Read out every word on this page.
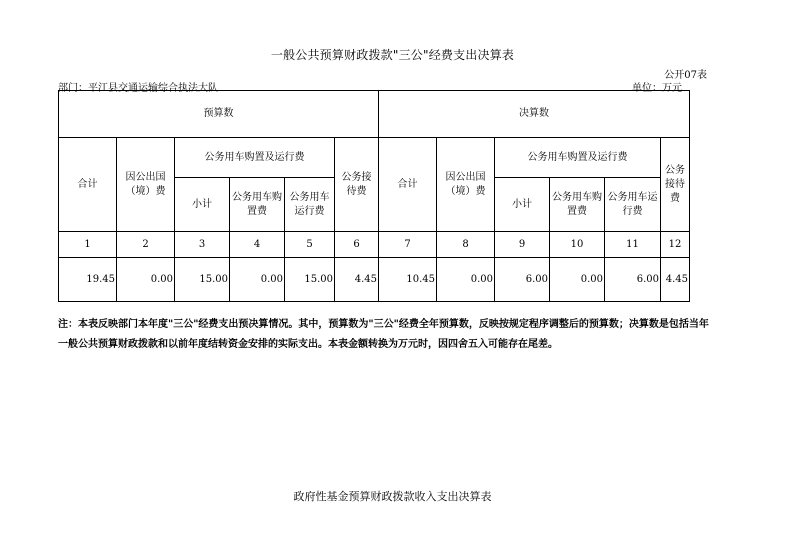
一般公共预算财政拨款"三公"经费支出决算表
公开07表
部门：平江县交通运输综合执法大队	单位：万元
预算数						决算数					
合计	因公出国（境）费	公务用车购置及运行费			公务接待费	合计	因公出国（境）费	公务用车购置及运行费			公务接待费
		小计	公务用车购置费	公务用车运行费				小计	公务用车购置费	公务用车运行费	
1	2	3	4	5	6	7	8	9	10	11	12
19.45	0.00	15.00	0.00	15.00	4.45	10.45	0.00	6.00	0.00	6.00	4.45
注：本表反映部门本年度"三公"经费支出预决算情况。其中，预算数为"三公"经费全年预算数，反映按规定程序调整后的预算数；决算数是包括当年一般公共预算财政拨款和以前年度结转资金安排的实际支出。本表金额转换为万元时，因四舍五入可能存在尾差。
政府性基金预算财政拨款收入支出决算表
